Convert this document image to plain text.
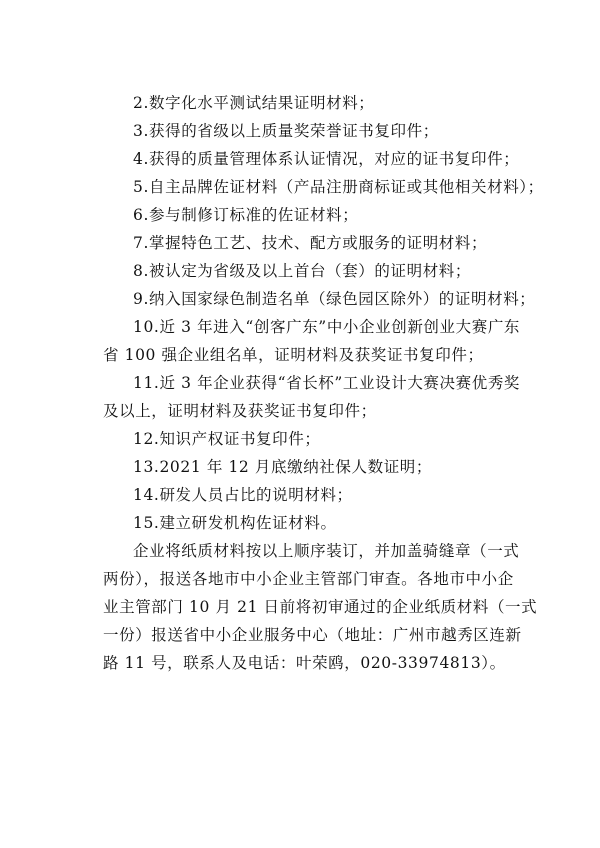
2.数字化水平测试结果证明材料；
3.获得的省级以上质量奖荣誉证书复印件；
4.获得的质量管理体系认证情况，对应的证书复印件；
5.自主品牌佐证材料（产品注册商标证或其他相关材料）；
6.参与制修订标准的佐证材料；
7.掌握特色工艺、技术、配方或服务的证明材料；
8.被认定为省级及以上首台（套）的证明材料；
9.纳入国家绿色制造名单（绿色园区除外）的证明材料；
10.近 3 年进入“创客广东”中小企业创新创业大赛广东
省 100 强企业组名单，证明材料及获奖证书复印件；
11.近 3 年企业获得“省长杯”工业设计大赛决赛优秀奖
及以上，证明材料及获奖证书复印件；
12.知识产权证书复印件；
13.2021 年 12 月底缴纳社保人数证明；
14.研发人员占比的说明材料；
15.建立研发机构佐证材料。
企业将纸质材料按以上顺序装订，并加盖骑缝章（一式
两份），报送各地市中小企业主管部门审查。各地市中小企
业主管部门 10 月 21 日前将初审通过的企业纸质材料（一式
一份）报送省中小企业服务中心（地址：广州市越秀区连新
路 11 号，联系人及电话：叶荣鸥，020-33974813）。
